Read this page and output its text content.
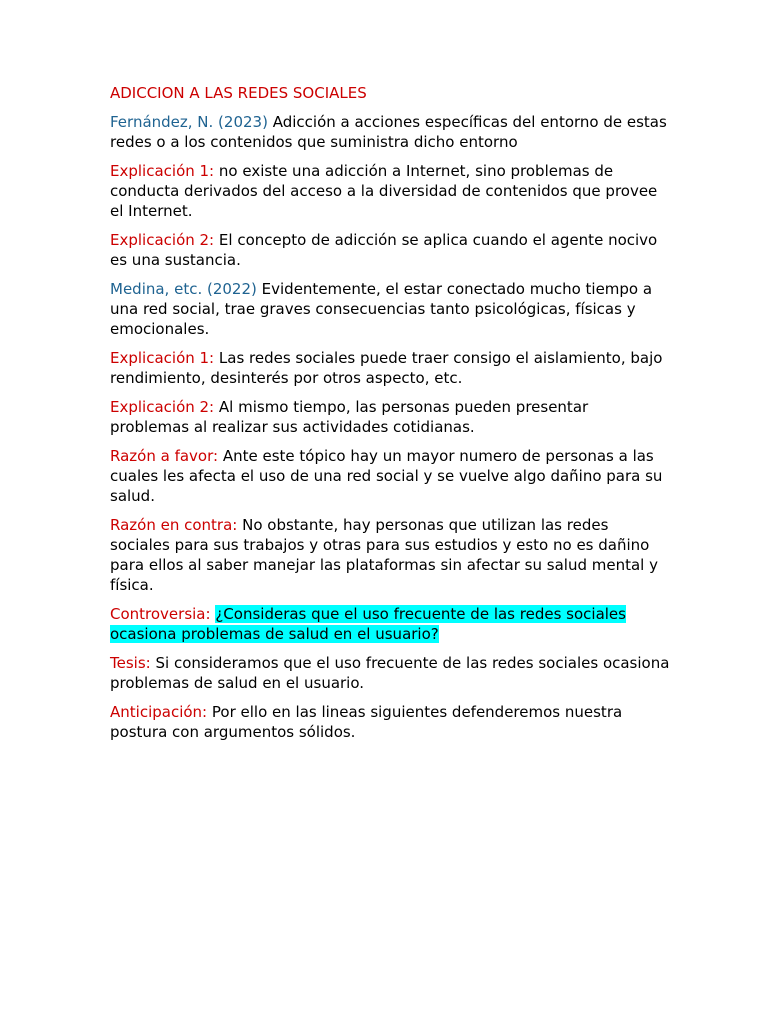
ADICCION A LAS REDES SOCIALES
Fernández, N. (2023) Adicción a acciones específicas del entorno de estas redes o a los contenidos que suministra dicho entorno
Explicación 1: no existe una adicción a Internet, sino problemas de conducta derivados del acceso a la diversidad de contenidos que provee el Internet.
Explicación 2: El concepto de adicción se aplica cuando el agente nocivo es una sustancia.
Medina, etc. (2022) Evidentemente, el estar conectado mucho tiempo a una red social, trae graves consecuencias tanto psicológicas, físicas y emocionales.
Explicación 1: Las redes sociales puede traer consigo el aislamiento, bajo rendimiento, desinterés por otros aspecto, etc.
Explicación 2: Al mismo tiempo, las personas pueden presentar problemas al realizar sus actividades cotidianas.
Razón a favor: Ante este tópico hay un mayor numero de personas a las cuales les afecta el uso de una red social y se vuelve algo dañino para su salud.
Razón en contra: No obstante, hay personas que utilizan las redes sociales para sus trabajos y otras para sus estudios y esto no es dañino para ellos al saber manejar las plataformas sin afectar su salud mental y física.
Controversia: ¿Consideras que el uso frecuente de las redes sociales ocasiona problemas de salud en el usuario?
Tesis: Si consideramos que el uso frecuente de las redes sociales ocasiona problemas de salud en el usuario.
Anticipación: Por ello en las lineas siguientes defenderemos nuestra postura con argumentos sólidos.
